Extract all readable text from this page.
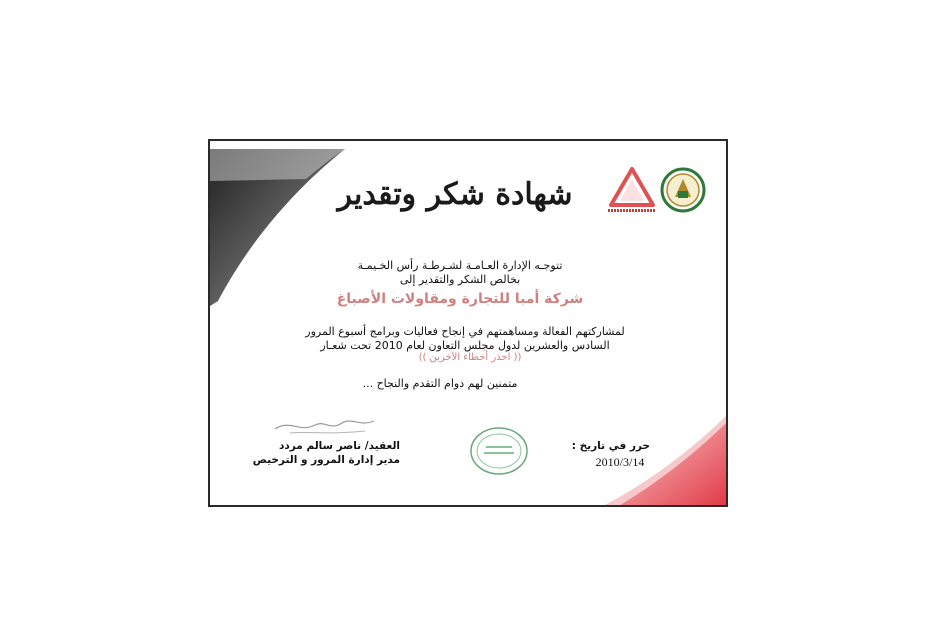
شهادة شكر وتقدير
تتوجـه الإدارة العـامـة لشـرطـة رأس الخـيمـة
بخالص الشكر والتقدير إلى
شركة أمبا للتجارة ومقاولات الأصباغ
لمشاركتهم الفعالة ومساهمتهم في إنجاح فعاليات وبرامج أسبوع المرور
السادس والعشرين لدول مجلس التعاون لعام 2010 تحت شعـار
(( احذر أخطاء الآخرين ))
متمنين لهم دوام التقدم والنجاح ...
العقيد/ ناصر سالم مردد
مدير إدارة المرور و الترخيص
حرر في تاريخ :
2010/3/14
